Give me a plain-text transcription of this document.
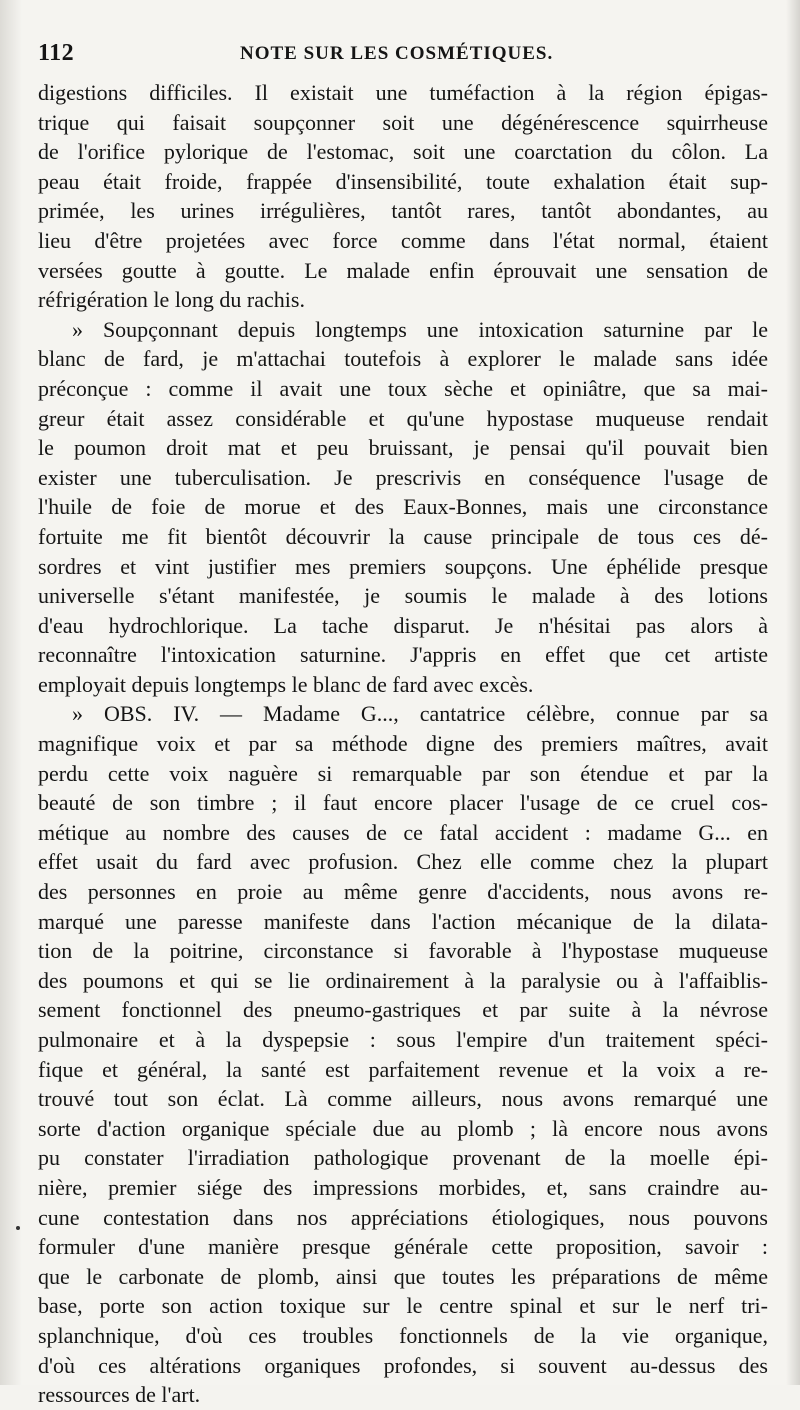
112	NOTE SUR LES COSMÉTIQUES.
digestions difficiles. Il existait une tuméfaction à la région épigas-
trique qui faisait soupçonner soit une dégénérescence squirrheuse
de l'orifice pylorique de l'estomac, soit une coarctation du côlon. La
peau était froide, frappée d'insensibilité, toute exhalation était sup-
primée, les urines irrégulières, tantôt rares, tantôt abondantes, au
lieu d'être projetées avec force comme dans l'état normal, étaient
versées goutte à goutte. Le malade enfin éprouvait une sensation de
réfrigération le long du rachis.
» Soupçonnant depuis longtemps une intoxication saturnine par le
blanc de fard, je m'attachai toutefois à explorer le malade sans idée
préconçue : comme il avait une toux sèche et opiniâtre, que sa mai-
greur était assez considérable et qu'une hypostase muqueuse rendait
le poumon droit mat et peu bruissant, je pensai qu'il pouvait bien
exister une tuberculisation. Je prescrivis en conséquence l'usage de
l'huile de foie de morue et des Eaux-Bonnes, mais une circonstance
fortuite me fit bientôt découvrir la cause principale de tous ces dé-
sordres et vint justifier mes premiers soupçons. Une éphélide presque
universelle s'étant manifestée, je soumis le malade à des lotions
d'eau hydrochlorique. La tache disparut. Je n'hésitai pas alors à
reconnaître l'intoxication saturnine. J'appris en effet que cet artiste
employait depuis longtemps le blanc de fard avec excès.
» OBS. IV. — Madame G..., cantatrice célèbre, connue par sa
magnifique voix et par sa méthode digne des premiers maîtres, avait
perdu cette voix naguère si remarquable par son étendue et par la
beauté de son timbre ; il faut encore placer l'usage de ce cruel cos-
métique au nombre des causes de ce fatal accident : madame G... en
effet usait du fard avec profusion. Chez elle comme chez la plupart
des personnes en proie au même genre d'accidents, nous avons re-
marqué une paresse manifeste dans l'action mécanique de la dilata-
tion de la poitrine, circonstance si favorable à l'hypostase muqueuse
des poumons et qui se lie ordinairement à la paralysie ou à l'affaiblis-
sement fonctionnel des pneumo-gastriques et par suite à la névrose
pulmonaire et à la dyspepsie : sous l'empire d'un traitement spéci-
fique et général, la santé est parfaitement revenue et la voix a re-
trouvé tout son éclat. Là comme ailleurs, nous avons remarqué une
sorte d'action organique spéciale due au plomb ; là encore nous avons
pu constater l'irradiation pathologique provenant de la moelle épi-
nière, premier siége des impressions morbides, et, sans craindre au-
cune contestation dans nos appréciations étiologiques, nous pouvons
formuler d'une manière presque générale cette proposition, savoir :
que le carbonate de plomb, ainsi que toutes les préparations de même
base, porte son action toxique sur le centre spinal et sur le nerf tri-
splanchnique, d'où ces troubles fonctionnels de la vie organique,
d'où ces altérations organiques profondes, si souvent au-dessus des
ressources de l'art.
